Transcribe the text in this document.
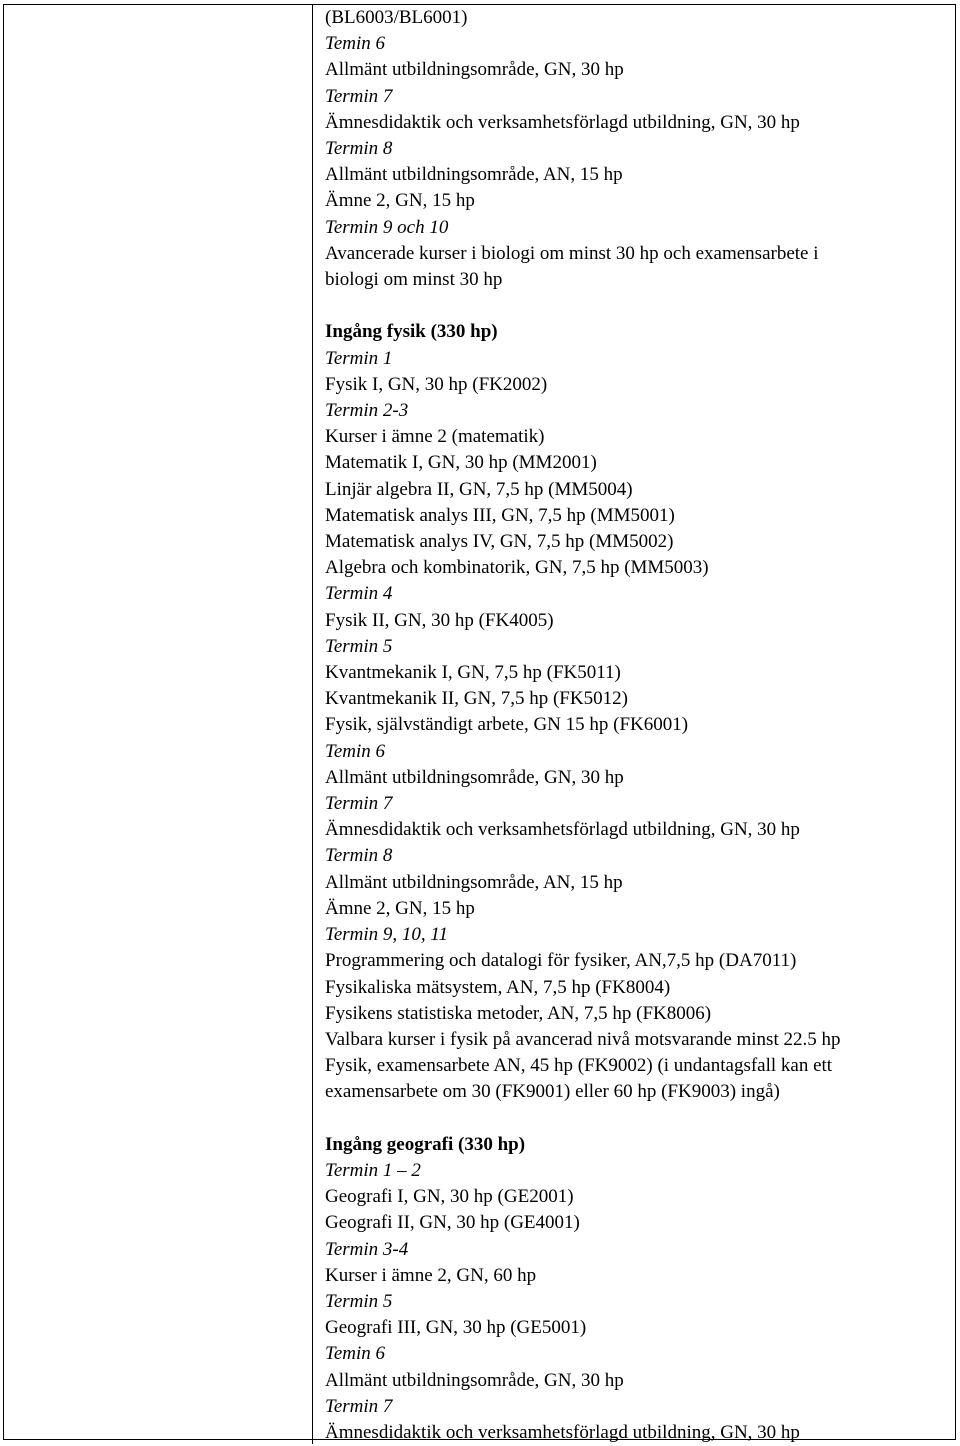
(BL6003/BL6001)
Temin 6
Allmänt utbildningsområde, GN, 30 hp
Termin 7
Ämnesdidaktik och verksamhetsförlagd utbildning, GN, 30 hp
Termin 8
Allmänt utbildningsområde, AN, 15 hp
Ämne 2, GN, 15 hp
Termin 9 och 10
Avancerade kurser i biologi om minst 30 hp och examensarbete i
biologi om minst 30 hp
Ingång fysik (330 hp)
Termin 1
Fysik I, GN, 30 hp (FK2002)
Termin 2-3
Kurser i ämne 2 (matematik)
Matematik I, GN, 30 hp (MM2001)
Linjär algebra II, GN, 7,5 hp (MM5004)
Matematisk analys III, GN, 7,5 hp (MM5001)
Matematisk analys IV, GN, 7,5 hp (MM5002)
Algebra och kombinatorik, GN, 7,5 hp (MM5003)
Termin 4
Fysik II, GN, 30 hp (FK4005)
Termin 5
Kvantmekanik I, GN, 7,5 hp (FK5011)
Kvantmekanik II, GN, 7,5 hp (FK5012)
Fysik, självständigt arbete, GN 15 hp (FK6001)
Temin 6
Allmänt utbildningsområde, GN, 30 hp
Termin 7
Ämnesdidaktik och verksamhetsförlagd utbildning, GN, 30 hp
Termin 8
Allmänt utbildningsområde, AN, 15 hp
Ämne 2, GN, 15 hp
Termin 9, 10, 11
Programmering och datalogi för fysiker, AN,7,5 hp (DA7011)
Fysikaliska mätsystem, AN, 7,5 hp (FK8004)
Fysikens statistiska metoder, AN, 7,5 hp (FK8006)
Valbara kurser i fysik på avancerad nivå motsvarande minst 22.5 hp
Fysik, examensarbete AN, 45 hp (FK9002) (i undantagsfall kan ett
examensarbete om 30 (FK9001) eller 60 hp (FK9003) ingå)
Ingång geografi (330 hp)
Termin 1 – 2
Geografi I, GN, 30 hp (GE2001)
Geografi II, GN, 30 hp (GE4001)
Termin 3-4
Kurser i ämne 2, GN, 60 hp
Termin 5
Geografi III, GN, 30 hp (GE5001)
Temin 6
Allmänt utbildningsområde, GN, 30 hp
Termin 7
Ämnesdidaktik och verksamhetsförlagd utbildning, GN, 30 hp
